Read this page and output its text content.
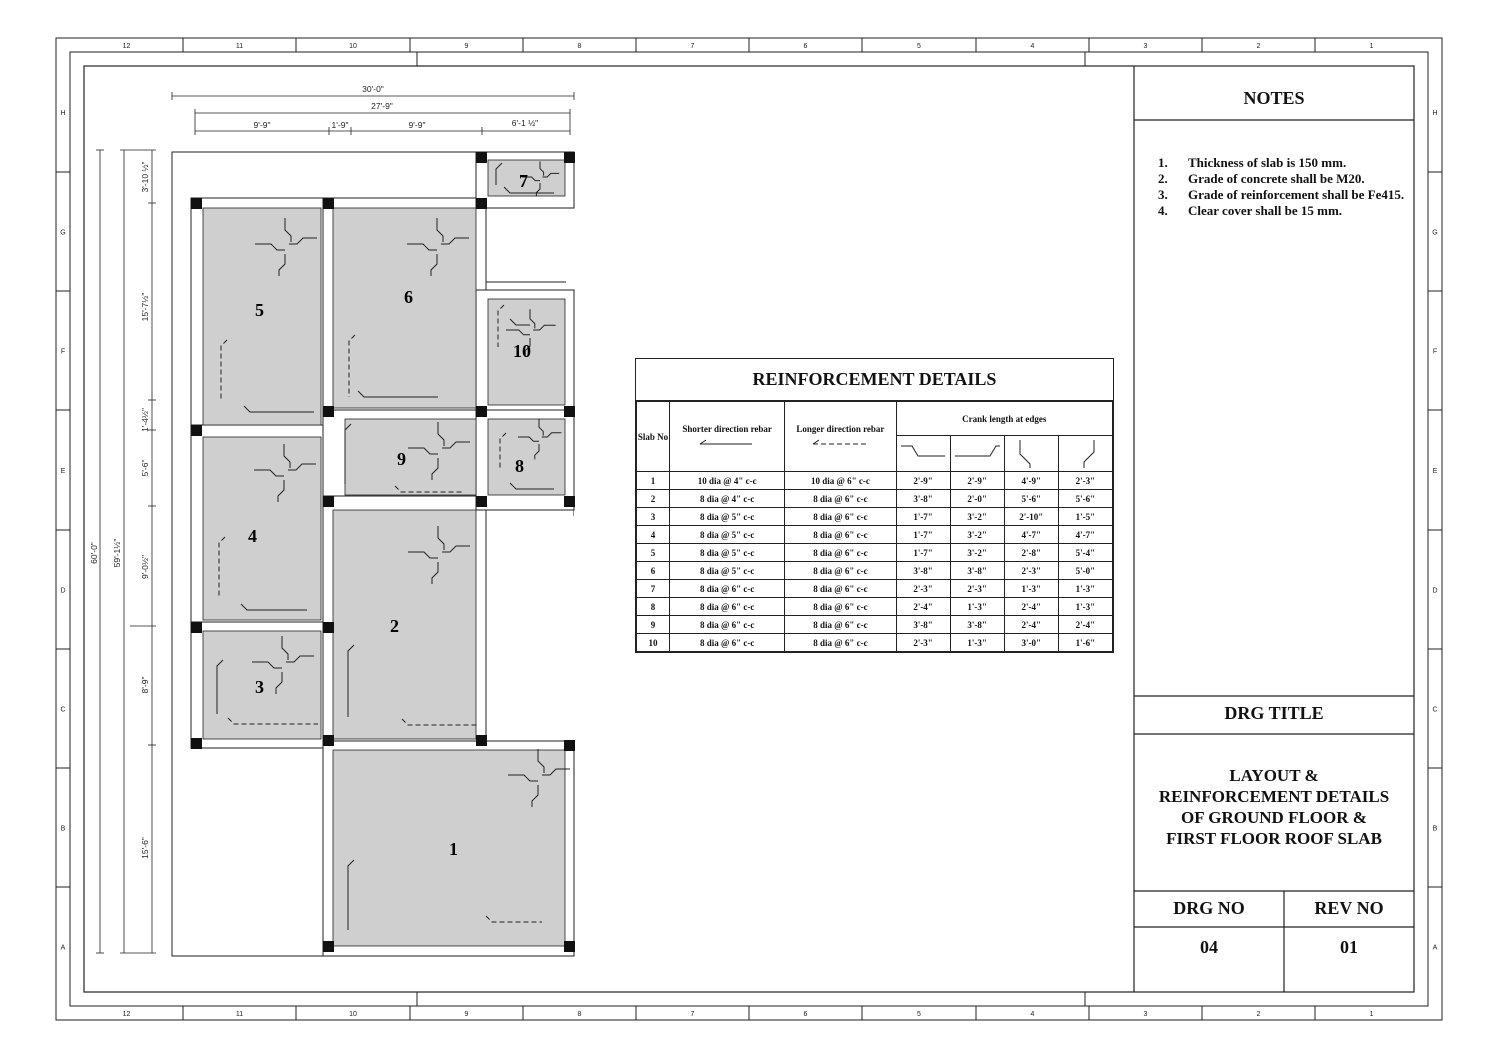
12
12
11
11
10
10
9
9
8
8
7
7
6
6
5
5
4
4
3
3
2
2
1
1
H	H
G	G
F	F
E	E
D	D
C	C
B	B
A	A
30'-0"
27'-9"
9'-9"	1'-9"	9'-9"	6'-1 ½"
60'-0" 59'-1½"
3'-10 ½"
15'-7½"
1'-4½"
5'-6"
9'-0½"
8'-9"
15'-6"	1
2
3
4
5
6
7
8
9
10
NOTES
1.	Thickness of slab is 150 mm.
2.	Grade of concrete shall be M20.
3.	Grade of reinforcement shall be Fe415.
4.	Clear cover shall be 15 mm.
DRG TITLE
LAYOUT &
REINFORCEMENT DETAILS
OF GROUND FLOOR &
FIRST FLOOR ROOF SLAB
DRG NO	REV NO
04	01
REINFORCEMENT DETAILS
Slab No	Shorter direction rebar	Longer direction rebar	Crank length at edges			

1	10 dia @ 4" c-c	10 dia @ 6" c-c	2'-9"	2'-9"	4'-9"	2'-3"
2	8 dia @ 4" c-c	8 dia @ 6" c-c	3'-8"	2'-0"	5'-6"	5'-6"
3	8 dia @ 5" c-c	8 dia @ 6" c-c	1'-7"	3'-2"	2'-10"	1'-5"
4	8 dia @ 5" c-c	8 dia @ 6" c-c	1'-7"	3'-2"	4'-7"	4'-7"
5	8 dia @ 5" c-c	8 dia @ 6" c-c	1'-7"	3'-2"	2'-8"	5'-4"
6	8 dia @ 5" c-c	8 dia @ 6" c-c	3'-8"	3'-8"	2'-3"	5'-0"
7	8 dia @ 6" c-c	8 dia @ 6" c-c	2'-3"	2'-3"	1'-3"	1'-3"
8	8 dia @ 6" c-c	8 dia @ 6" c-c	2'-4"	1'-3"	2'-4"	1'-3"
9	8 dia @ 6" c-c	8 dia @ 6" c-c	3'-8"	3'-8"	2'-4"	2'-4"
10	8 dia @ 6" c-c	8 dia @ 6" c-c	2'-3"	1'-3"	3'-0"	1'-6"
